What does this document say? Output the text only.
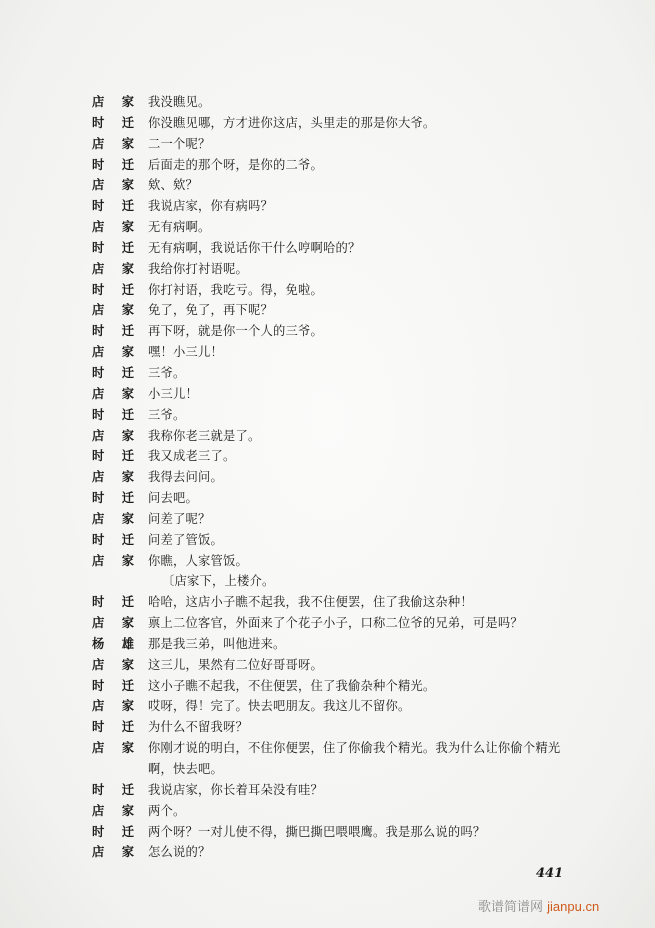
店 家 我没瞧见。
时 迁 你没瞧见哪，方才进你这店，头里走的那是你大爷。
店 家 二一个呢？
时 迁 后面走的那个呀，是你的二爷。
店 家 欸、欸？
时 迁 我说店家，你有病吗？
店 家 无有病啊。
时 迁 无有病啊，我说话你干什么哼啊哈的？
店 家 我给你打衬语呢。
时 迁 你打衬语，我吃亏。得，免啦。
店 家 免了，免了，再下呢？
时 迁 再下呀，就是你一个人的三爷。
店 家 嘿！小三儿！
时 迁 三爷。
店 家 小三儿！
时 迁 三爷。
店 家 我称你老三就是了。
时 迁 我又成老三了。
店 家 我得去问问。
时 迁 问去吧。
店 家 问差了呢？
时 迁 问差了管饭。
店 家 你瞧，人家管饭。
〔店家下，上楼介。
时 迁 哈哈，这店小子瞧不起我，我不住便罢，住了我偷这杂种！
店 家 禀上二位客官，外面来了个花子小子，口称二位爷的兄弟，可是吗？
杨 雄 那是我三弟，叫他进来。
店 家 这三儿，果然有二位好哥哥呀。
时 迁 这小子瞧不起我，不住便罢，住了我偷杂种个精光。
店 家 哎呀，得！完了。快去吧朋友。我这儿不留你。
时 迁 为什么不留我呀？
店 家 你刚才说的明白，不住你便罢，住了你偷我个精光。我为什么让你偷个精光
啊，快去吧。
时 迁 我说店家，你长着耳朵没有哇？
店 家 两个。
时 迁 两个呀？一对儿使不得，撕巴撕巴喂喂鹰。我是那么说的吗？
店 家 怎么说的？
441
歌谱简谱网 jianpu.cn
